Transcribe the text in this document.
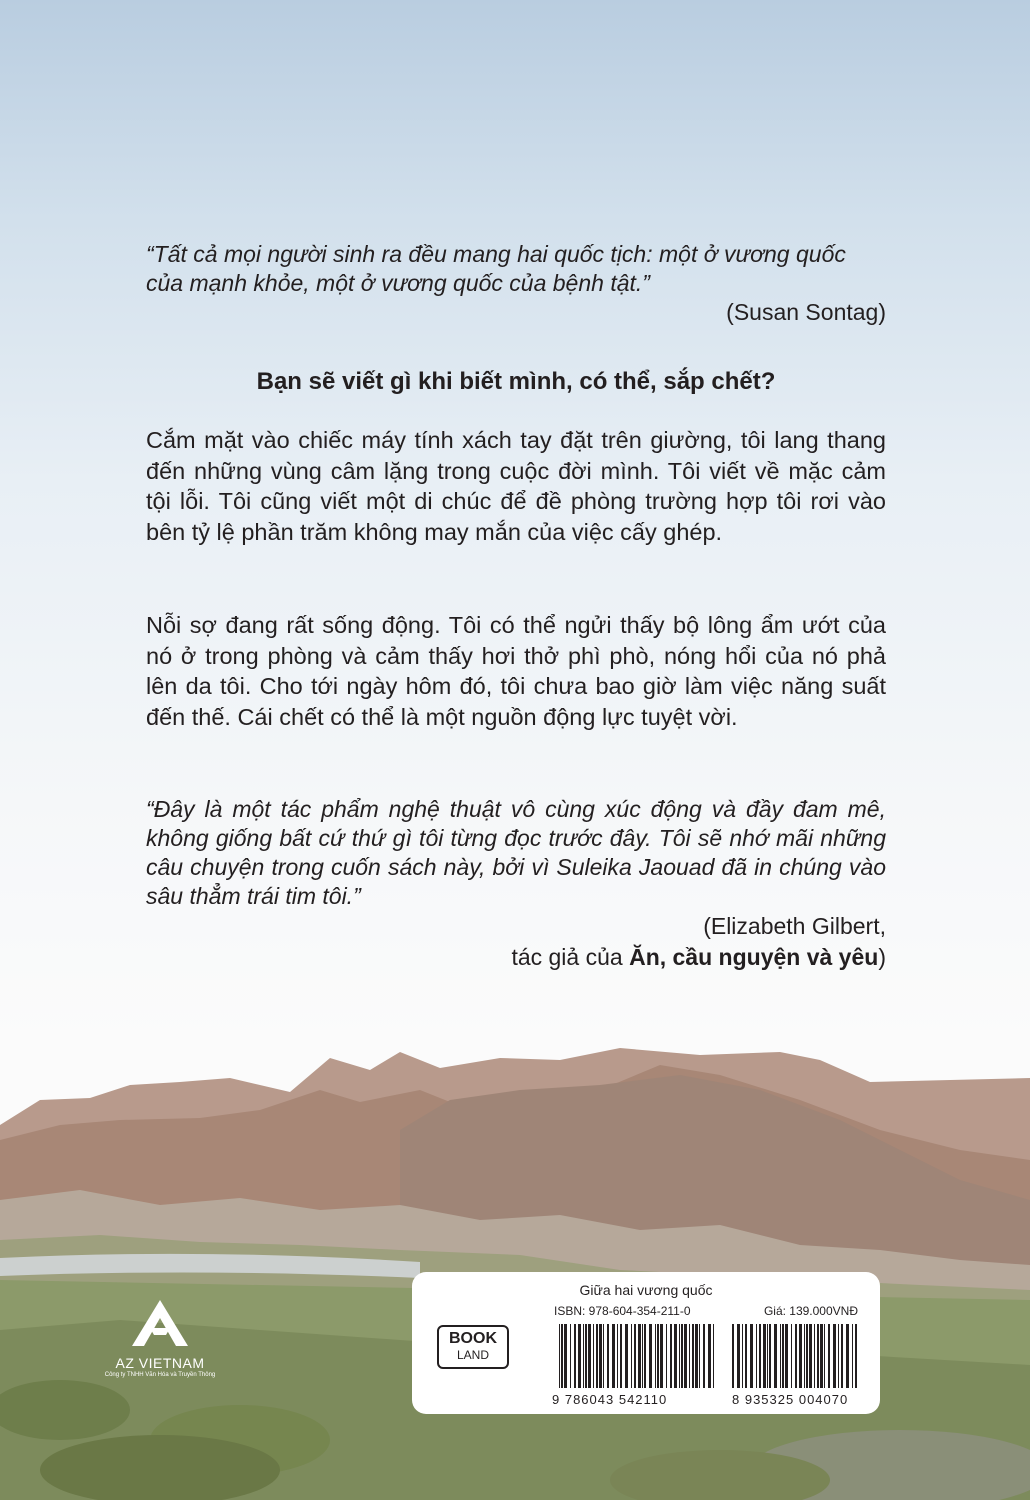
“Tất cả mọi người sinh ra đều mang hai quốc tịch: một ở vương quốc của mạnh khỏe, một ở vương quốc của bệnh tật.”
(Susan Sontag)
Bạn sẽ viết gì khi biết mình, có thể, sắp chết?
Cắm mặt vào chiếc máy tính xách tay đặt trên giường, tôi lang thang đến những vùng câm lặng trong cuộc đời mình. Tôi viết về mặc cảm tội lỗi. Tôi cũng viết một di chúc để đề phòng trường hợp tôi rơi vào bên tỷ lệ phần trăm không may mắn của việc cấy ghép.
Nỗi sợ đang rất sống động. Tôi có thể ngửi thấy bộ lông ẩm ướt của nó ở trong phòng và cảm thấy hơi thở phì phò, nóng hổi của nó phả lên da tôi. Cho tới ngày hôm đó, tôi chưa bao giờ làm việc năng suất đến thế. Cái chết có thể là một nguồn động lực tuyệt vời.
“Đây là một tác phẩm nghệ thuật vô cùng xúc động và đầy đam mê, không giống bất cứ thứ gì tôi từng đọc trước đây. Tôi sẽ nhớ mãi những câu chuyện trong cuốn sách này, bởi vì Suleika Jaouad đã in chúng vào sâu thẳm trái tim tôi.”
(Elizabeth Gilbert,
tác giả của Ăn, cầu nguyện và yêu)
AZ VIETNAM
Công ty TNHH Văn Hóa và Truyền Thông
Giữa hai vương quốc
ISBN: 978-604-354-211-0	Giá: 139.000VNĐ
BOOK
LAND
9 786043 542110	8 935325 004070
